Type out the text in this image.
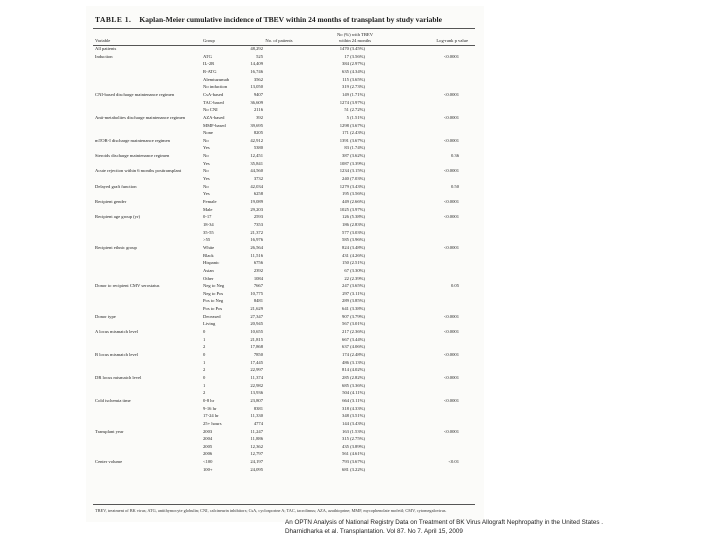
TABLE 1. Kaplan-Meier cumulative incidence of TBEV within 24 months of transplant by study variable
Variable	Group	No. of patients
No (%) with TBEV within 24 months	Log-rank p value
All patients	48,292	1470 (3.45%)
Induction	ATG	525	17 (3.56%)	<0.0001
IL-2R	14,409	384 (2.97%)
R-ATG	16,746	635 (4.34%)
Alemtuzumab	3562	115 (3.65%)
No induction	13,050	319 (2.73%)
CNI-based discharge maintenance regimen	CsA-based	9407	149 (1.71%)	<0.0001
TAC-based	36,609	1274 (3.97%)
No CNI	2116	51 (2.72%)
Anti-metabolites discharge maintenance regimen	AZA-based	392	5 (1.51%)	<0.0001
MMF-based	39,695	1298 (3.67%)
None	8205	171 (2.43%)
mTOR-I discharge maintenance regimen	No	42,912	1391 (3.67%)	<0.0001
Yes	5380	83 (1.74%)
Steroids discharge maintenance regimen	No	12,451	387 (3.62%)	0.36
Yes	35,841	1087 (3.39%)
Acute rejection within 6 months posttransplant	No	44,560	1234 (3.15%)	<0.0001
Yes	3732	240 (7.03%)
Delayed graft function	No	42,034	1279 (3.43%)	0.50
Yes	6258	195 (3.56%)
Recipient gender	Female	19,089	449 (2.66%)	<0.0001
Male	29,203	1025 (3.97%)
Recipient age group (yr)	0-17	2593	126 (5.38%)	<0.0001
18-34	7353	186 (2.83%)
35-55	21,372	577 (3.03%)
>55	16,976	585 (3.96%)
Recipient ethnic group	White	26,564	824 (3.48%)	<0.0001
Black	11,516	431 (4.26%)
Hispanic	6756	150 (2.51%)
Asian	2392	67 (3.30%)
Other	1084	22 (2.39%)
Donor to recipient CMV serostatus	Neg to Neg	7667	247 (3.65%)	0.05
Neg to Pos	10,775	297 (3.11%)
Pos to Neg	8481	289 (3.85%)
Pos to Pos	21,629	641 (3.38%)
Donor type	Deceased	27,347	907 (3.79%)	<0.0001
Living	20,945	567 (3.01%)
A locus mismatch level	0	10,655	217 (2.36%)	<0.0001
1	21,815	667 (3.44%)
2	17,868	637 (4.06%)
B locus mismatch level	0	7850	174 (2.48%)	<0.0001
1	17,445	486 (3.13%)
2	22,997	814 (4.02%)
DR locus mismatch level	0	11,374	285 (2.82%)	<0.0001
1	22,982	685 (3.36%)
2	13,936	504 (4.11%)
Cold ischemia time	0-8 hr	23,807	664 (3.11%)	<0.0001
9-16 hr	8381	318 (4.33%)
17-24 hr	11,330	348 (3.51%)
25+ hours	4774	144 (3.43%)
Transplant year	2003	11,247	163 (1.53%)	<0.0001
2004	11,886	315 (2.75%)
2005	12,362	435 (3.89%)
2006	12,797	561 (4.61%)
Center volume	<100	24,197	793 (3.67%)	<0.01
100+	24,095	681 (3.22%)
TBEV, treatment of BK virus; ATG, antithymocyte globulin; CNI, calcineurin inhibitors; CsA, cyclosporine A; TAC, tacrolimus; AZA, azathioprine; MMF, mycophenolate mofetil; CMV, cytomegalovirus.
An OPTN Analysis of National Registry Data on Treatment of BK Virus Allograft Nephropathy in the United States .
Dharnidharka et al. Transplantation. Vol 87. No 7. April 15, 2009
